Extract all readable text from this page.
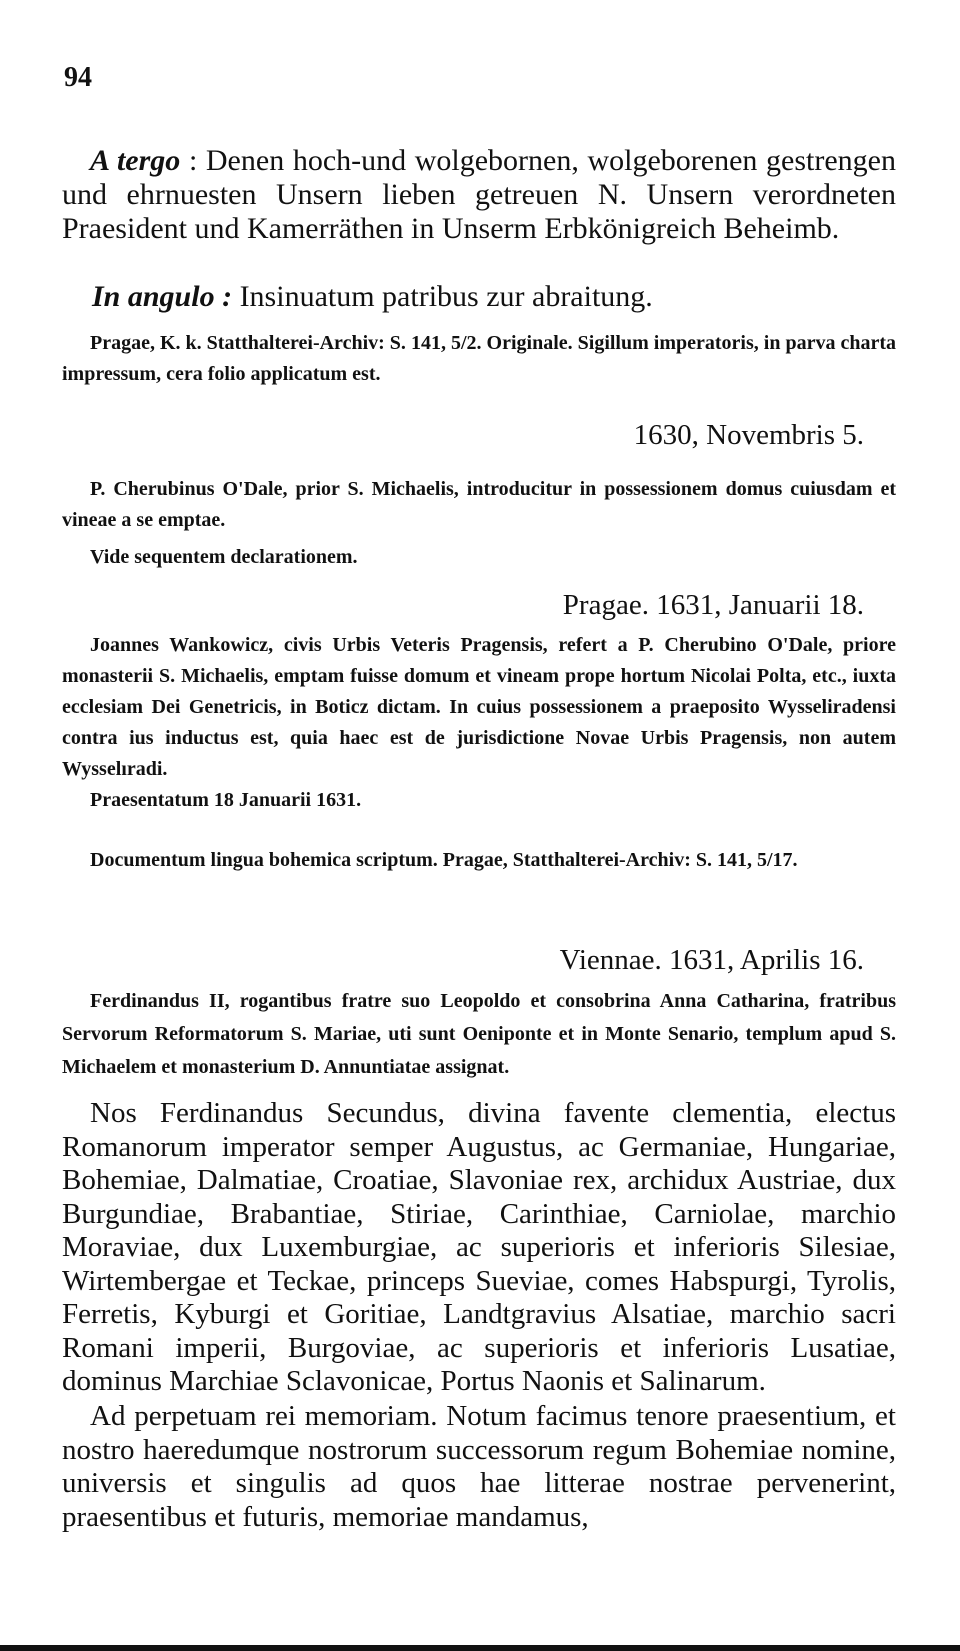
94

A tergo : Denen hoch-und wolgebornen, wolgeborenen gestrengen und ehrnuesten Unsern lieben getreuen N. Unsern verordneten Praesident und Kamerräthen in Unserm Erbkönigreich Beheimb.

In angulo : Insinuatum patribus zur abraitung.

Pragae, K. k. Statthalterei-Archiv: S. 141, 5/2. Originale. Sigillum imperatoris, in parva charta impressum, cera folio applicatum est.

1630, Novembris 5.

P. Cherubinus O'Dale, prior S. Michaelis, introducitur in possessionem domus cuiusdam et vineae a se emptae.

Vide sequentem declarationem.

Pragae. 1631, Januarii 18.

Joannes Wankowicz, civis Urbis Veteris Pragensis, refert a P. Cherubino O'Dale, priore monasterii S. Michaelis, emptam fuisse domum et vineam prope hortum Nicolai Polta, etc., iuxta ecclesiam Dei Genetricis, in Boticz dictam. In cuius possessionem a praeposito Wysseliradensi contra ius inductus est, quia haec est de jurisdictione Novae Urbis Pragensis, non autem Wysselıradi.

Praesentatum 18 Januarii 1631.

Documentum lingua bohemica scriptum. Pragae, Statthalterei-Archiv: S. 141, 5/17.

Viennae. 1631, Aprilis 16.

Ferdinandus II, rogantibus fratre suo Leopoldo et consobrina Anna Catharina, fratribus Servorum Reformatorum S. Mariae, uti sunt Oeniponte et in Monte Senario, templum apud S. Michaelem et monasterium D. Annuntiatae assignat.

Nos Ferdinandus Secundus, divina favente clementia, electus Romanorum imperator semper Augustus, ac Germaniae, Hungariae, Bohemiae, Dalmatiae, Croatiae, Slavoniae rex, archidux Austriae, dux Burgundiae, Brabantiae, Stiriae, Carinthiae, Carniolae, marchio Moraviae, dux Luxemburgiae, ac superioris et inferioris Silesiae, Wirtembergae et Teckae, princeps Sueviae, comes Habspurgi, Tyrolis, Ferretis, Kyburgi et Goritiae, Landtgravius Alsatiae, marchio sacri Romani imperii, Burgoviae, ac superioris et inferioris Lusatiae, dominus Marchiae Sclavonicae, Portus Naonis et Salinarum.

Ad perpetuam rei memoriam. Notum facimus tenore praesentium, et nostro haeredumque nostrorum successorum regum Bohemiae nomine, universis et singulis ad quos hae litterae nostrae pervenerint, praesentibus et futuris, memoriae mandamus,
